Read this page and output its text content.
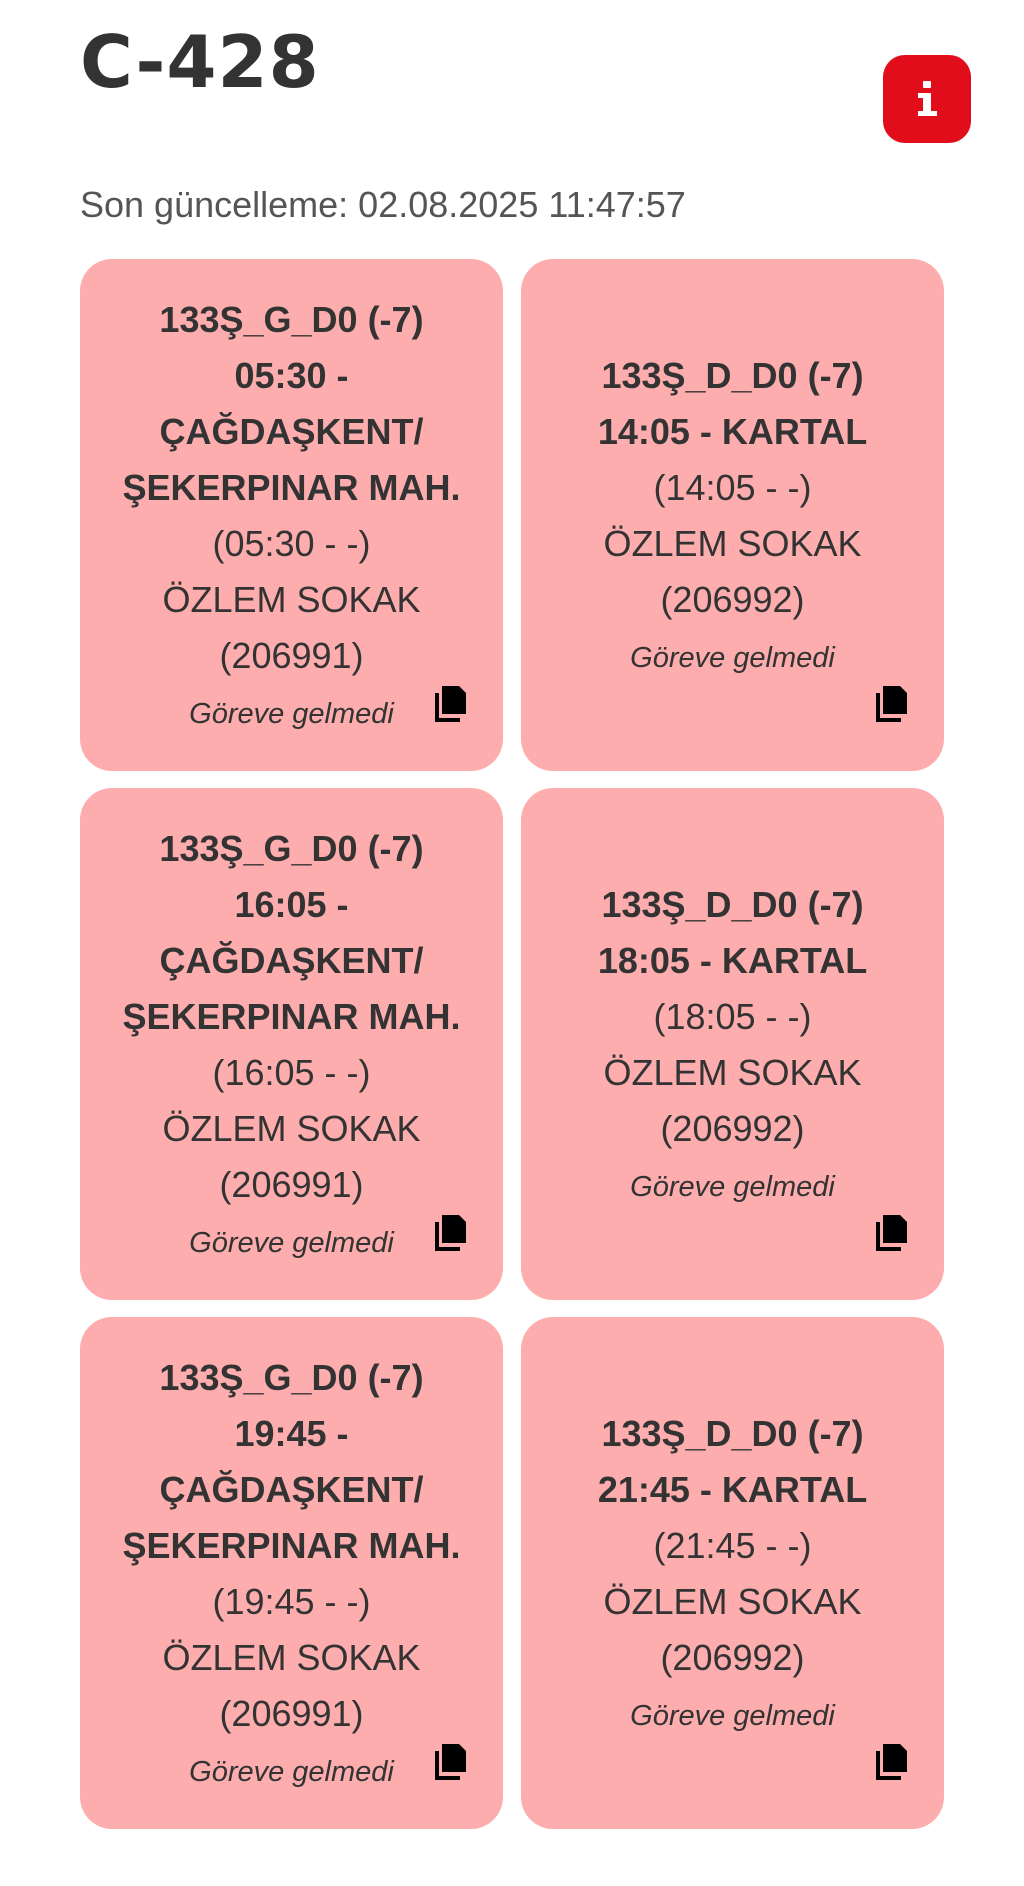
C-428
Son güncelleme: 02.08.2025 11:47:57
133Ş_G_D0 (-7)
05:30 -
ÇAĞDAŞKENT/
ŞEKERPINAR MAH.
(05:30 - -)
ÖZLEM SOKAK
(206991)
Göreve gelmedi
133Ş_D_D0 (-7)
14:05 - KARTAL
(14:05 - -)
ÖZLEM SOKAK
(206992)
Göreve gelmedi
133Ş_G_D0 (-7)
16:05 -
ÇAĞDAŞKENT/
ŞEKERPINAR MAH.
(16:05 - -)
ÖZLEM SOKAK
(206991)
Göreve gelmedi
133Ş_D_D0 (-7)
18:05 - KARTAL
(18:05 - -)
ÖZLEM SOKAK
(206992)
Göreve gelmedi
133Ş_G_D0 (-7)
19:45 -
ÇAĞDAŞKENT/
ŞEKERPINAR MAH.
(19:45 - -)
ÖZLEM SOKAK
(206991)
Göreve gelmedi
133Ş_D_D0 (-7)
21:45 - KARTAL
(21:45 - -)
ÖZLEM SOKAK
(206992)
Göreve gelmedi
